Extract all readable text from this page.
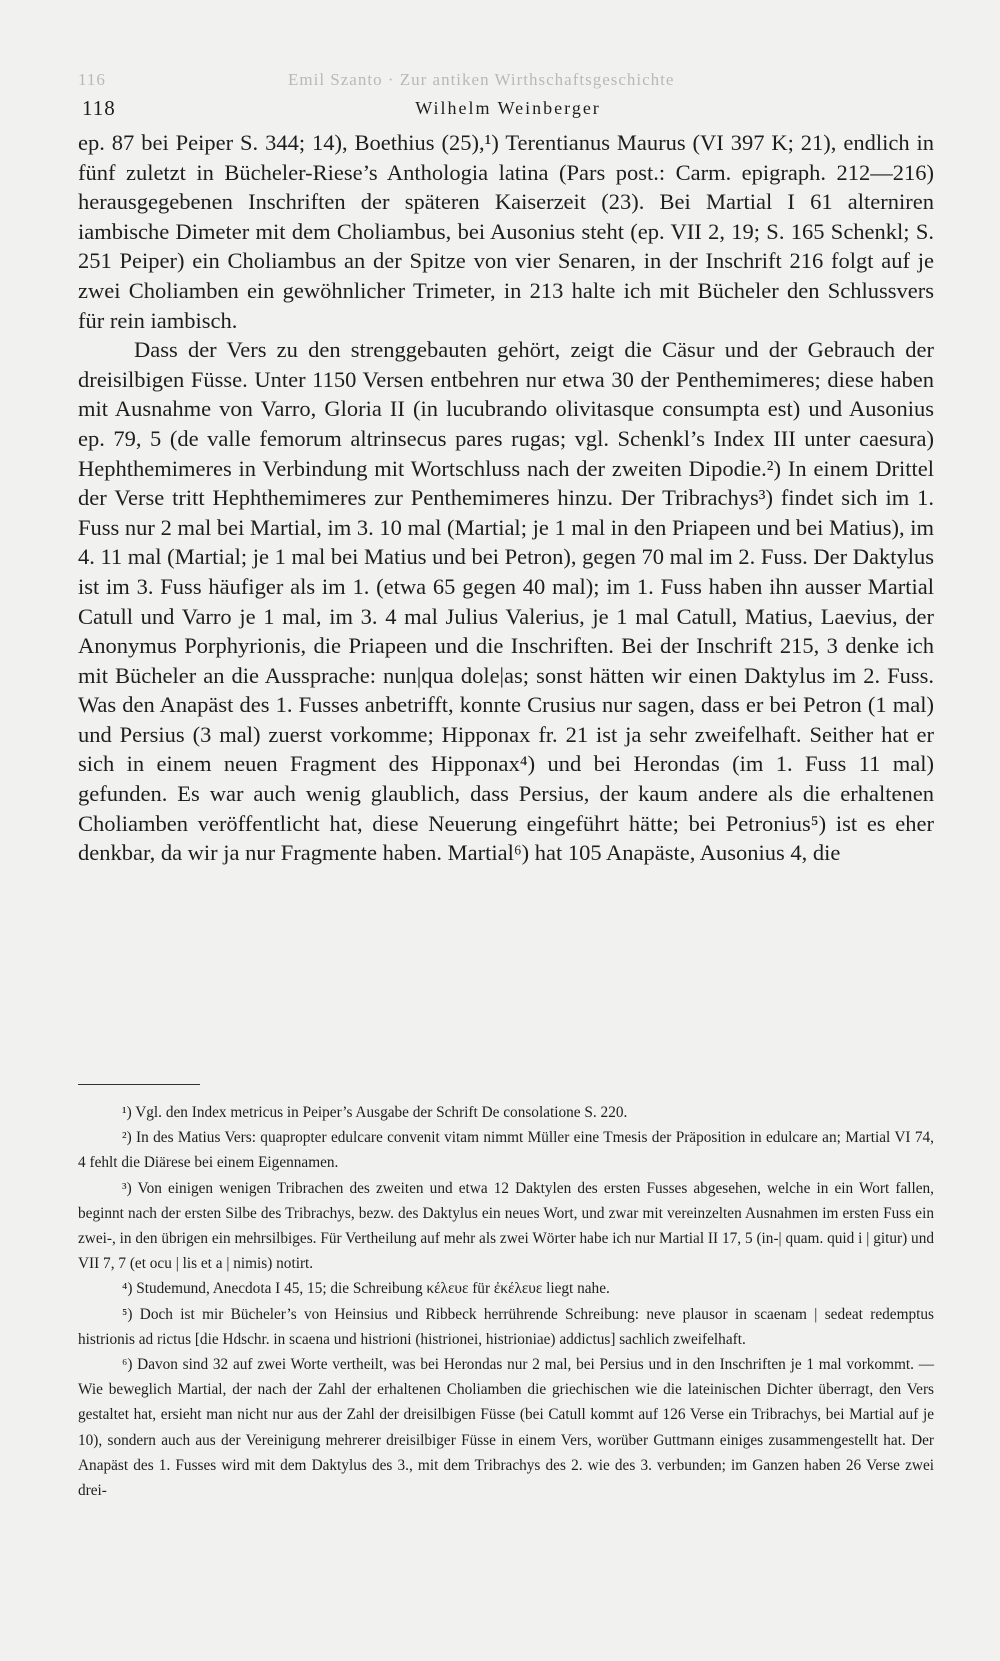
116	Emil Szanto · Zur antiken Wirthschaftsgeschichte
118	Wilhelm Weinberger

ep. 87 bei Peiper S. 344; 14), Boethius (25),¹) Terentianus Maurus (VI 397 K; 21), endlich in fünf zuletzt in Bücheler-Riese’s Anthologia latina (Pars post.: Carm. epigraph. 212—216) herausgegebenen Inschriften der späteren Kaiserzeit (23). Bei Martial I 61 alterniren iambische Dimeter mit dem Choliambus, bei Ausonius steht (ep. VII 2, 19; S. 165 Schenkl; S. 251 Peiper) ein Choliambus an der Spitze von vier Senaren, in der Inschrift 216 folgt auf je zwei Choliamben ein gewöhnlicher Trimeter, in 213 halte ich mit Bücheler den Schlussvers für rein iambisch.

Dass der Vers zu den strenggebauten gehört, zeigt die Cäsur und der Gebrauch der dreisilbigen Füsse. Unter 1150 Versen entbehren nur etwa 30 der Penthemimeres; diese haben mit Ausnahme von Varro, Gloria II (in lucubrando olivitasque consumpta est) und Ausonius ep. 79, 5 (de valle femorum altrinsecus pares rugas; vgl. Schenkl’s Index III unter caesura) Hephthemimeres in Verbindung mit Wortschluss nach der zweiten Dipodie.²) In einem Drittel der Verse tritt Hephthemimeres zur Penthemimeres hinzu. Der Tribrachys³) findet sich im 1. Fuss nur 2 mal bei Martial, im 3. 10 mal (Martial; je 1 mal in den Priapeen und bei Matius), im 4. 11 mal (Martial; je 1 mal bei Matius und bei Petron), gegen 70 mal im 2. Fuss. Der Daktylus ist im 3. Fuss häufiger als im 1. (etwa 65 gegen 40 mal); im 1. Fuss haben ihn ausser Martial Catull und Varro je 1 mal, im 3. 4 mal Julius Valerius, je 1 mal Catull, Matius, Laevius, der Anonymus Porphyrionis, die Priapeen und die Inschriften. Bei der Inschrift 215, 3 denke ich mit Bücheler an die Aussprache: nun|qua dole|as; sonst hätten wir einen Daktylus im 2. Fuss. Was den Anapäst des 1. Fusses anbetrifft, konnte Crusius nur sagen, dass er bei Petron (1 mal) und Persius (3 mal) zuerst vorkomme; Hipponax fr. 21 ist ja sehr zweifelhaft. Seither hat er sich in einem neuen Fragment des Hipponax⁴) und bei Herondas (im 1. Fuss 11 mal) gefunden. Es war auch wenig glaublich, dass Persius, der kaum andere als die erhaltenen Choliamben veröffentlicht hat, diese Neuerung eingeführt hätte; bei Petronius⁵) ist es eher denkbar, da wir ja nur Fragmente haben. Martial⁶) hat 105 Anapäste, Ausonius 4, die

¹) Vgl. den Index metricus in Peiper’s Ausgabe der Schrift De consolatione S. 220.

²) In des Matius Vers: quapropter edulcare convenit vitam nimmt Müller eine Tmesis der Präposition in edulcare an; Martial VI 74, 4 fehlt die Diärese bei einem Eigennamen.

³) Von einigen wenigen Tribrachen des zweiten und etwa 12 Daktylen des ersten Fusses abgesehen, welche in ein Wort fallen, beginnt nach der ersten Silbe des Tribrachys, bezw. des Daktylus ein neues Wort, und zwar mit vereinzelten Ausnahmen im ersten Fuss ein zwei-, in den übrigen ein mehrsilbiges. Für Vertheilung auf mehr als zwei Wörter habe ich nur Martial II 17, 5 (in-| quam. quid i | gitur) und VII 7, 7 (et ocu | lis et a | nimis) notirt.

⁴) Studemund, Anecdota I 45, 15; die Schreibung κέλευε für ἐκέλευε liegt nahe.

⁵) Doch ist mir Bücheler’s von Heinsius und Ribbeck herrührende Schreibung: neve plausor in scaenam | sedeat redemptus histrionis ad rictus [die Hdschr. in scaena und histrioni (histrionei, histrioniae) addictus] sachlich zweifelhaft.

⁶) Davon sind 32 auf zwei Worte vertheilt, was bei Herondas nur 2 mal, bei Persius und in den Inschriften je 1 mal vorkommt. — Wie beweglich Martial, der nach der Zahl der erhaltenen Choliamben die griechischen wie die lateinischen Dichter überragt, den Vers gestaltet hat, ersieht man nicht nur aus der Zahl der dreisilbigen Füsse (bei Catull kommt auf 126 Verse ein Tribrachys, bei Martial auf je 10), sondern auch aus der Vereinigung mehrerer dreisilbiger Füsse in einem Vers, worüber Guttmann einiges zusammengestellt hat. Der Anapäst des 1. Fusses wird mit dem Daktylus des 3., mit dem Tribrachys des 2. wie des 3. verbunden; im Ganzen haben 26 Verse zwei drei-
